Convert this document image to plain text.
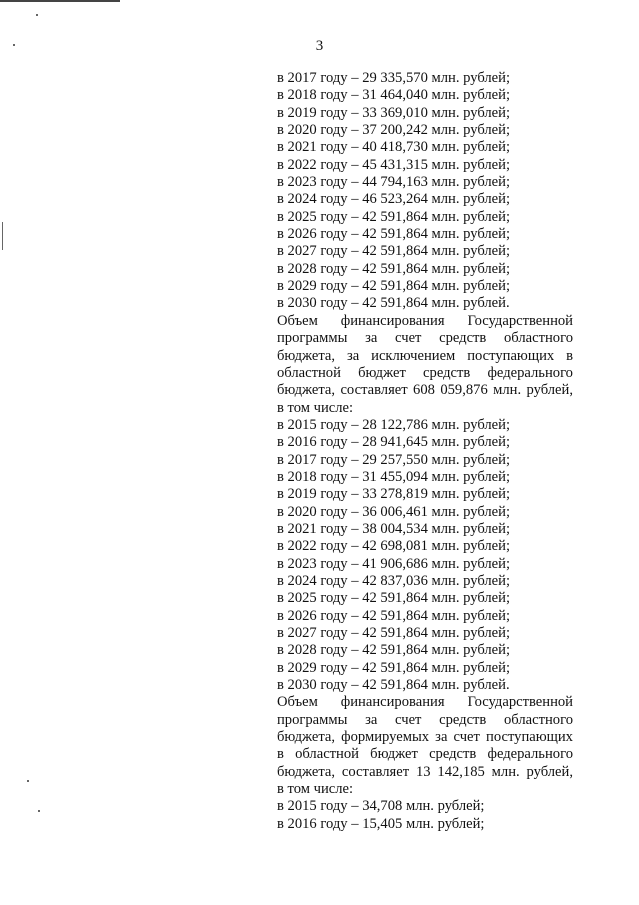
3
в 2017 году – 29 335,570 млн. рублей;
в 2018 году – 31 464,040 млн. рублей;
в 2019 году – 33 369,010 млн. рублей;
в 2020 году – 37 200,242 млн. рублей;
в 2021 году – 40 418,730 млн. рублей;
в 2022 году – 45 431,315 млн. рублей;
в 2023 году – 44 794,163 млн. рублей;
в 2024 году – 46 523,264 млн. рублей;
в 2025 году – 42 591,864 млн. рублей;
в 2026 году – 42 591,864 млн. рублей;
в 2027 году – 42 591,864 млн. рублей;
в 2028 году – 42 591,864 млн. рублей;
в 2029 году – 42 591,864 млн. рублей;
в 2030 году – 42 591,864 млн. рублей.
Объем финансирования Государственной
программы за счет средств областного
бюджета, за исключением поступающих в
областной бюджет средств федерального
бюджета, составляет 608 059,876 млн. рублей,
в том числе:
в 2015 году – 28 122,786 млн. рублей;
в 2016 году – 28 941,645 млн. рублей;
в 2017 году – 29 257,550 млн. рублей;
в 2018 году – 31 455,094 млн. рублей;
в 2019 году – 33 278,819 млн. рублей;
в 2020 году – 36 006,461 млн. рублей;
в 2021 году – 38 004,534 млн. рублей;
в 2022 году – 42 698,081 млн. рублей;
в 2023 году – 41 906,686 млн. рублей;
в 2024 году – 42 837,036 млн. рублей;
в 2025 году – 42 591,864 млн. рублей;
в 2026 году – 42 591,864 млн. рублей;
в 2027 году – 42 591,864 млн. рублей;
в 2028 году – 42 591,864 млн. рублей;
в 2029 году – 42 591,864 млн. рублей;
в 2030 году – 42 591,864 млн. рублей.
Объем финансирования Государственной
программы за счет средств областного
бюджета, формируемых за счет поступающих
в областной бюджет средств федерального
бюджета, составляет 13 142,185 млн. рублей,
в том числе:
в 2015 году – 34,708 млн. рублей;
в 2016 году – 15,405 млн. рублей;
